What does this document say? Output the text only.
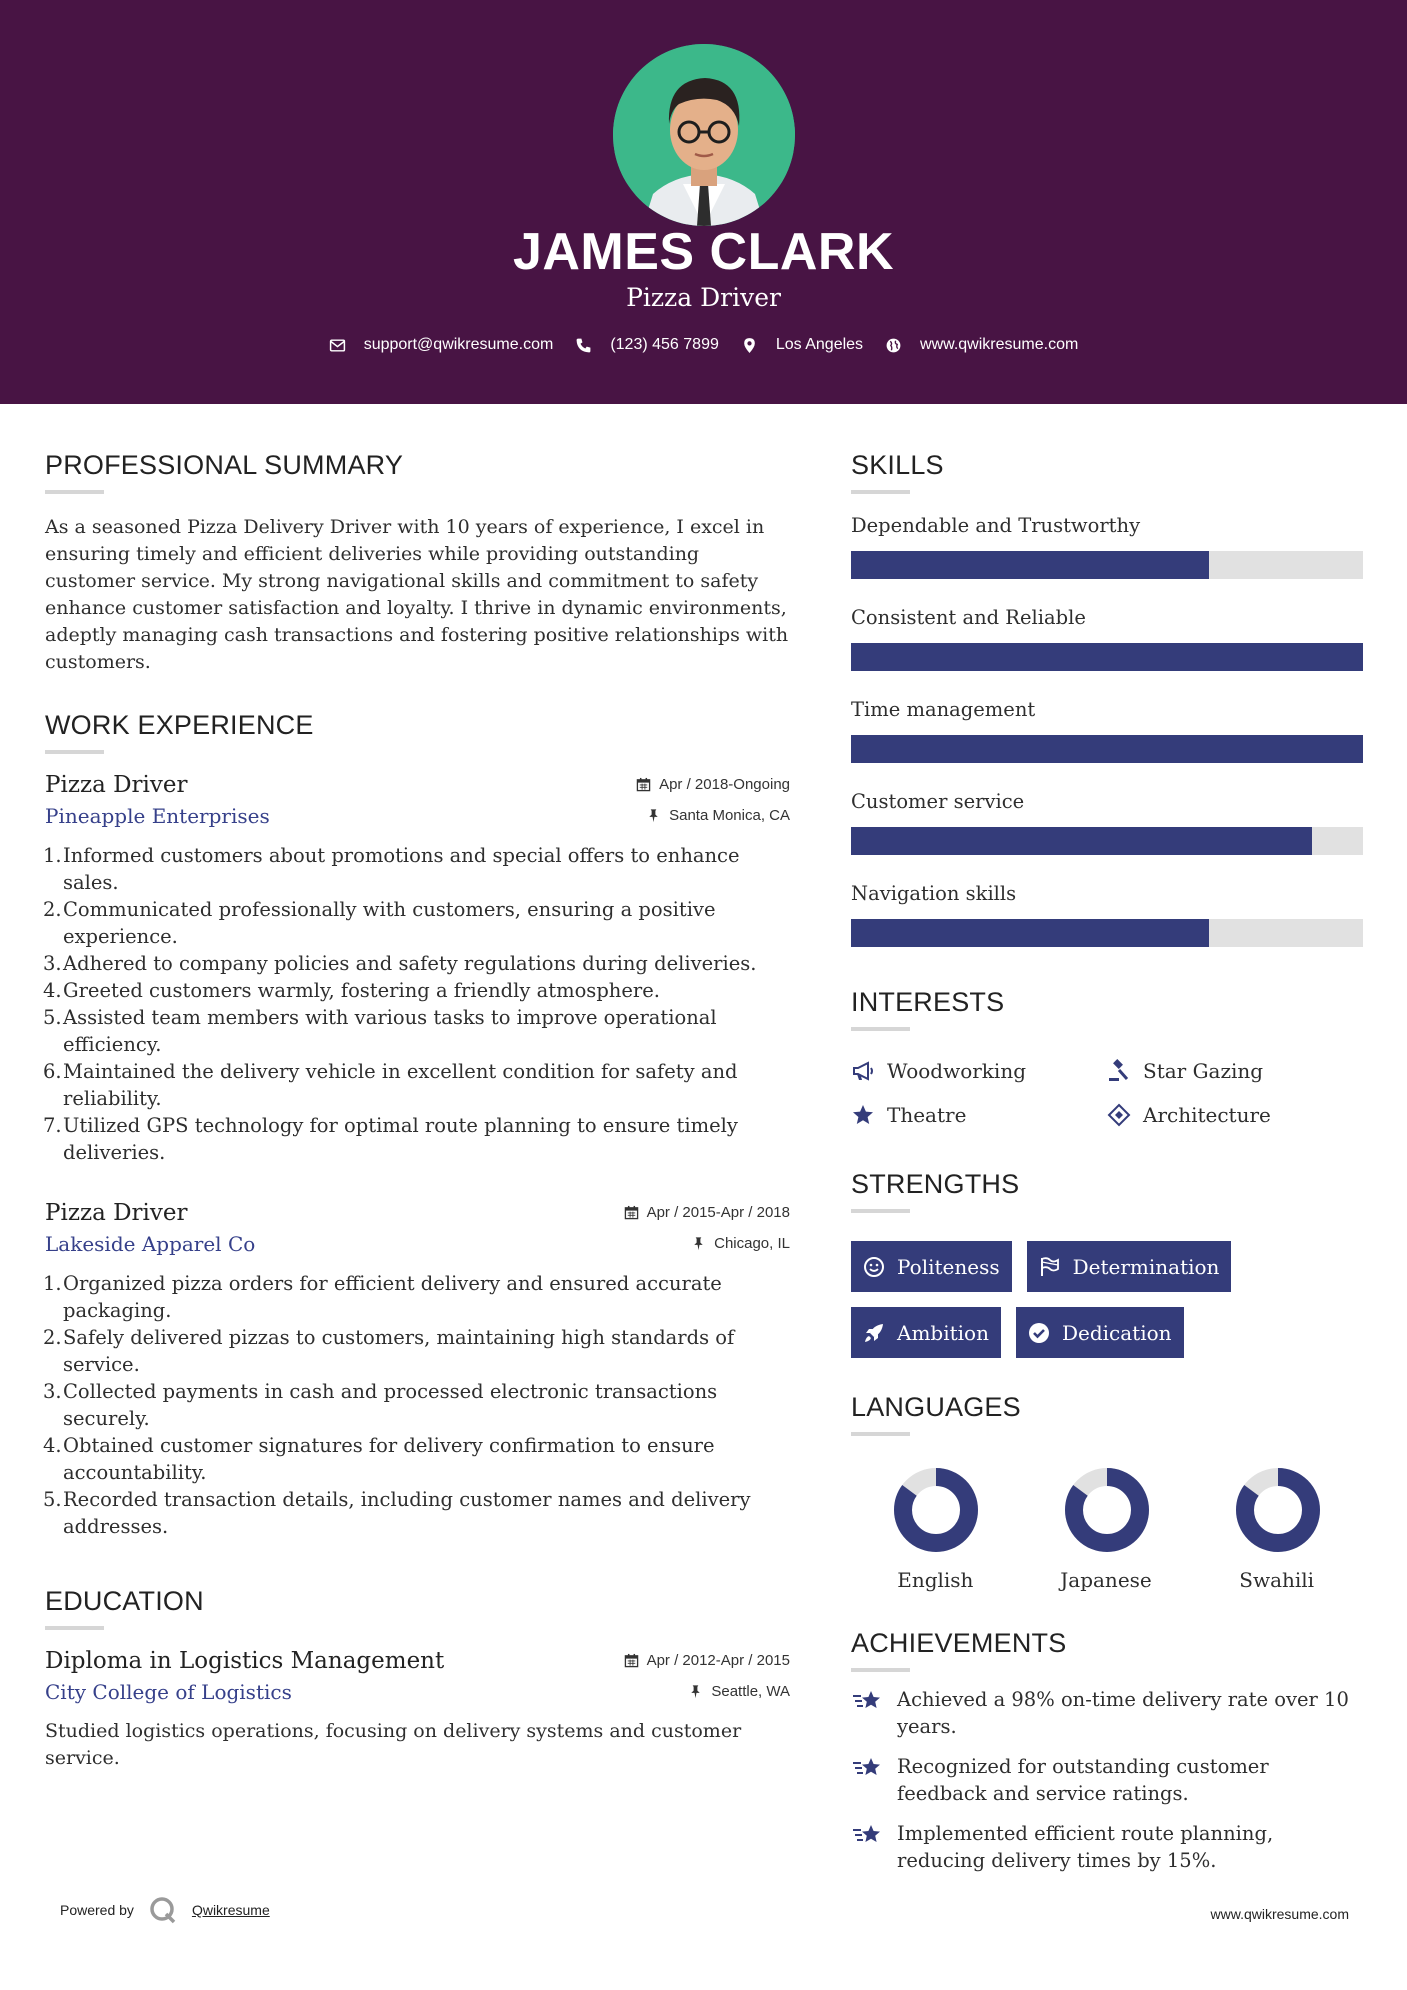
JAMES CLARK
Pizza Driver
support@qwikresume.com	(123) 456 7899	Los Angeles	www.qwikresume.com
PROFESSIONAL SUMMARY

As a seasoned Pizza Delivery Driver with 10 years of experience, I excel in ensuring timely and efficient deliveries while providing outstanding customer service. My strong navigational skills and commitment to safety enhance customer satisfaction and loyalty. I thrive in dynamic environments, adeptly managing cash transactions and fostering positive relationships with customers.

WORK EXPERIENCE
Pizza Driver	Apr / 2018-Ongoing
Pineapple Enterprises	Santa Monica, CA
1. Informed customers about promotions and special offers to enhance sales.
2. Communicated professionally with customers, ensuring a positive experience.
3. Adhered to company policies and safety regulations during deliveries.
4. Greeted customers warmly, fostering a friendly atmosphere.
5. Assisted team members with various tasks to improve operational efficiency.
6. Maintained the delivery vehicle in excellent condition for safety and reliability.
7. Utilized GPS technology for optimal route planning to ensure timely deliveries.
Pizza Driver	Apr / 2015-Apr / 2018
Lakeside Apparel Co	Chicago, IL
1. Organized pizza orders for efficient delivery and ensured accurate packaging.
2. Safely delivered pizzas to customers, maintaining high standards of service.
3. Collected payments in cash and processed electronic transactions securely.
4. Obtained customer signatures for delivery confirmation to ensure accountability.
5. Recorded transaction details, including customer names and delivery addresses.
EDUCATION
Diploma in Logistics Management	Apr / 2012-Apr / 2015
City College of Logistics	Seattle, WA

Studied logistics operations, focusing on delivery systems and customer service.

SKILLS
Dependable and Trustworthy
Consistent and Reliable
Time management
Customer service
Navigation skills
INTERESTS
Woodworking	Star Gazing
Theatre	Architecture
STRENGTHS
Politeness	Determination
Ambition	Dedication
LANGUAGES
English	Japanese	Swahili
ACHIEVEMENTS
Achieved a 98% on-time delivery rate over 10 years.
Recognized for outstanding customer feedback and service ratings.
Implemented efficient route planning, reducing delivery times by 15%.
Powered by	Qwikresume	www.qwikresume.com
